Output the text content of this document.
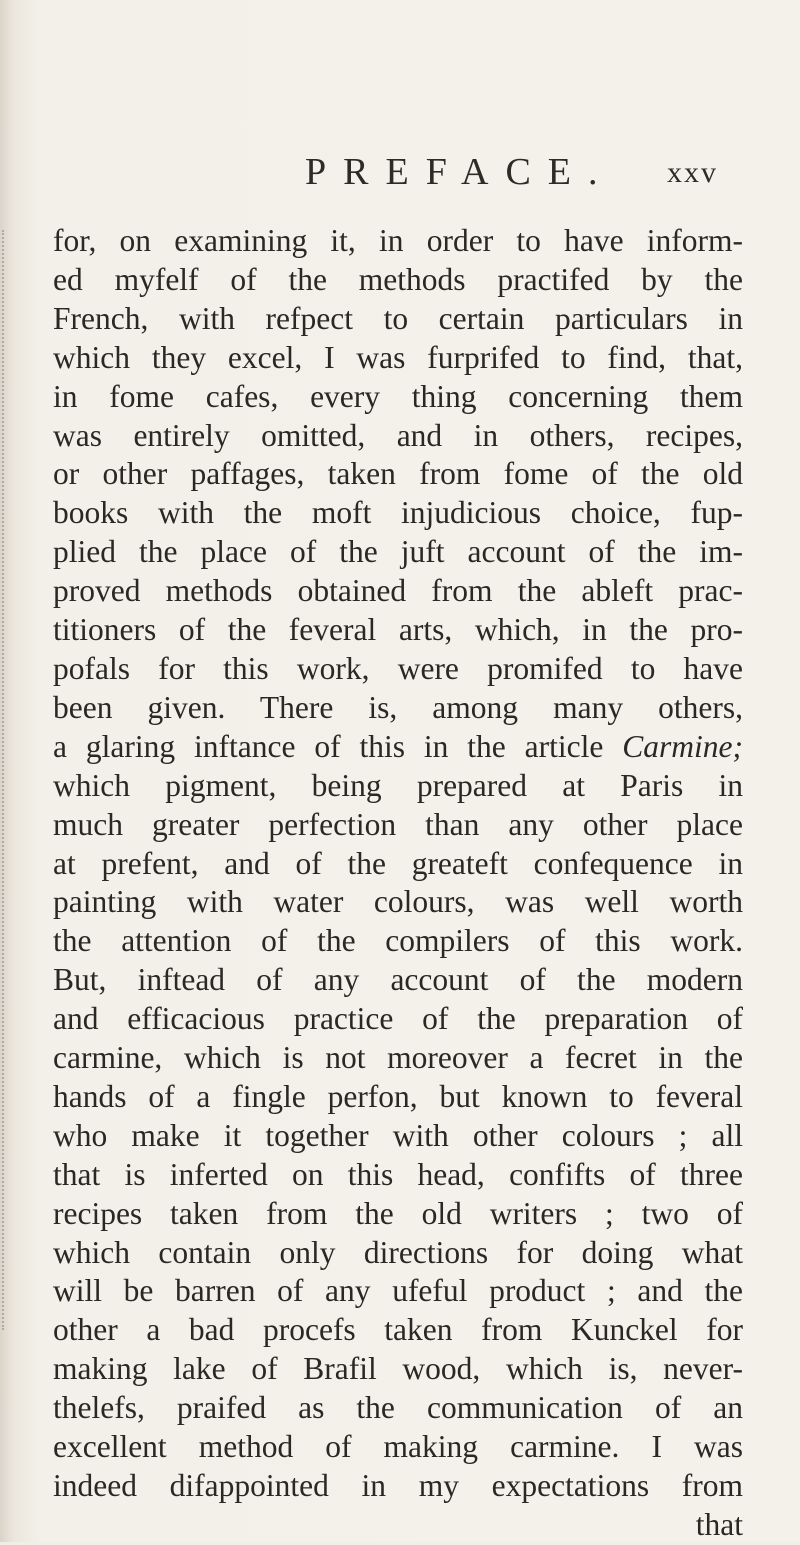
PREFACE. xxv
for, on examining it, in order to have inform-
ed myfelf of the methods practifed by the
French, with refpect to certain particulars in
which they excel, I was furprifed to find, that,
in fome cafes, every thing concerning them
was entirely omitted, and in others, recipes,
or other paffages, taken from fome of the old
books with the moft injudicious choice, fup-
plied the place of the juft account of the im-
proved methods obtained from the ableft prac-
titioners of the feveral arts, which, in the pro-
pofals for this work, were promifed to have
been given. There is, among many others,
a glaring inftance of this in the article Carmine;
which pigment, being prepared at Paris in
much greater perfection than any other place
at prefent, and of the greateft confequence in
painting with water colours, was well worth
the attention of the compilers of this work.
But, inftead of any account of the modern
and efficacious practice of the preparation of
carmine, which is not moreover a fecret in the
hands of a fingle perfon, but known to feveral
who make it together with other colours ; all
that is inferted on this head, confifts of three
recipes taken from the old writers ; two of
which contain only directions for doing what
will be barren of any ufeful product ; and the
other a bad procefs taken from Kunckel for
making lake of Brafil wood, which is, never-
thelefs, praifed as the communication of an
excellent method of making carmine. I was
indeed difappointed in my expectations from
that
